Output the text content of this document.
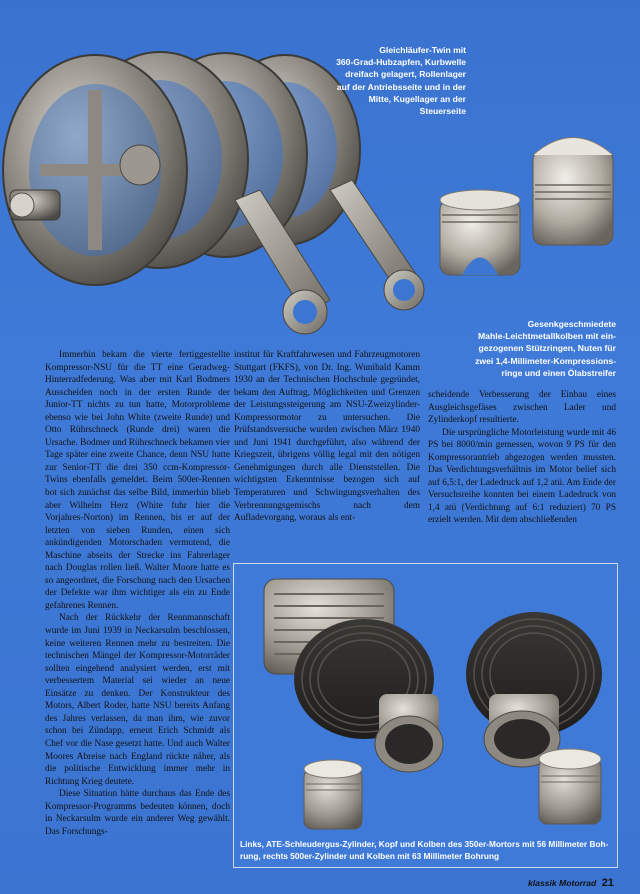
Gleichläufer-Twin mit
360-Grad-Hubzapfen, Kurbwelle
dreifach gelagert, Rollenlager
auf der Antriebsseite und in der
Mitte, Kugellager an der
Steuerseite
Gesenkgeschmiedete
Mahle-Leichtmetallkolben mit ein-
gezogenen Stützringen, Nuten für
zwei 1,4-Millimeter-Kompressions-
ringe und einen Ölabstreifer

Immerhin bekam die vierte fertiggestellte Kompressor-NSU für die TT eine Geradweg-Hinterradfederung. Was aber mit Karl Bodmers Ausscheiden noch in der ersten Runde der Junior-TT nichts zu tun hatte, Motorprobleme ebenso wie bei John White (zweite Runde) und Otto Rührschneck (Runde drei) waren die Ursache. Bodmer und Rührschneck bekamen vier Tage später eine zweite Chance, denn NSU hatte zur Senior-TT die drei 350 ccm-Kompressor-Twins ebenfalls gemeldet. Beim 500er-Rennen bot sich zunächst das selbe Bild, immerhin blieb aber Wilhelm Herz (White fuhr hier die Vorjahres-Norton) im Rennen, bis er auf der letzten von sieben Runden, einen sich ankündigenden Motorschaden vermutend, die Maschine abseits der Strecke ins Fahrerlager nach Douglas rollen ließ. Walter Moore hatte es so angeordnet, die Forschung nach den Ursachen der Defekte war ihm wichtiger als ein zu Ende gefahrenes Rennen.

Nach der Rückkehr der Rennmannschaft wurde im Juni 1939 in Neckarsulm beschlossen, keine weiteren Rennen mehr zu bestreiten. Die technischen Mängel der Kompressor-Motorräder sollten eingehend analysiert werden, erst mit verbessertem Material sei wieder an neue Einsätze zu denken. Der Konstrukteur des Motors, Albert Roder, hatte NSU bereits Anfang des Jahres verlassen, da man ihm, wie zuvor schon bei Zündapp, erneut Erich Schmidt als Chef vor die Nase gesetzt hatte. Und auch Walter Moores Abreise nach England rückte näher, als die politische Entwicklung immer mehr in Richtung Krieg deutete.

Diese Situation hätte durchaus das Ende des Kompressor-Programms bedeuten können, doch in Neckarsulm wurde ein anderer Weg gewählt. Das Forschungs-

institut für Kraftfahrwesen und Fahrzeugmotoren Stuttgart (FKFS), von Dr. Ing. Wunibald Kamm 1930 an der Technischen Hochschule gegründet, bekam den Auftrag, Möglichkeiten und Grenzen der Leistungssteigerung am NSU-Zweizylinder-Kompressormotor zu untersuchen. Die Prüfstandsversuche wurden zwischen März 1940 und Juni 1941 durchgeführt, also während der Kriegszeit, übrigens völlig legal mit den nötigen Genehmigungen durch alle Dienststellen. Die wichtigsten Erkenntnisse bezogen sich auf Temperaturen und Schwingungsverhalten des Verbrennungsgemischs nach dem Aufladevorgang, woraus als ent-

scheidende Verbesserung der Einbau eines Ausgleichsgefäses zwischen Lader und Zylinderkopf resultierte.

Die ursprüngliche Motorleistung wurde mit 46 PS bei 8000/min gemessen, wovon 9 PS für den Kompressorantrieb abgezogen werden mussten. Das Verdichtungsverhältnis im Motor belief sich auf 6,5:1, der Ladedruck auf 1,2 atü. Am Ende der Versuchsreihe konnten bei einem Ladedruck von 1,4 atü (Verdichtung auf 6:1 reduziert) 70 PS erzielt werden. Mit dem abschließenden

Links, ATE-Schleudergus-Zylinder, Kopf und Kolben des 350er-Mortors mit 56 Millimeter Boh-
rung, rechts 500er-Zylinder und Kolben mit 63 Millimeter Bohrung
klassik Motorrad 21
